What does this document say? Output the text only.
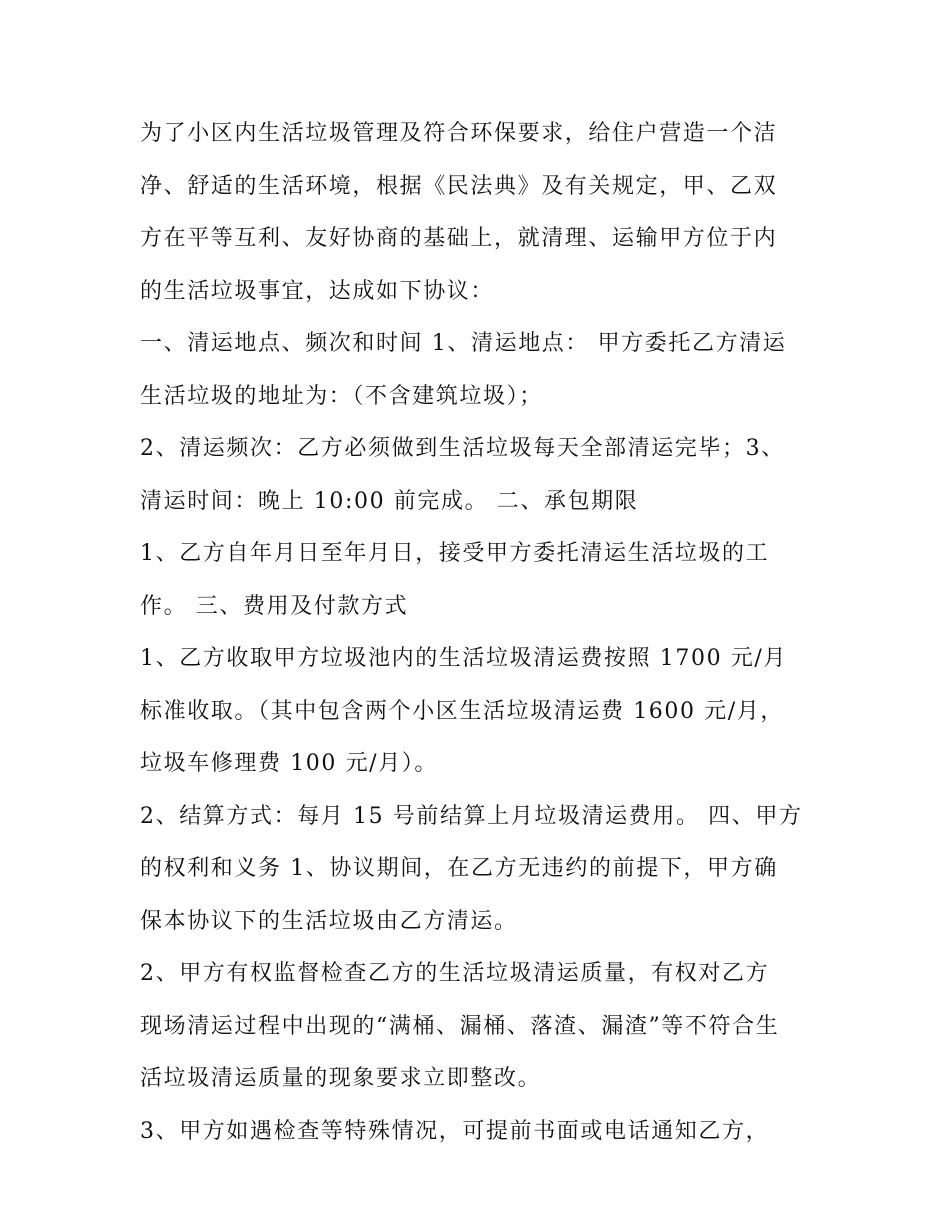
为了小区内生活垃圾管理及符合环保要求，给住户营造一个洁
净、舒适的生活环境，根据《民法典》及有关规定，甲、乙双
方在平等互利、友好协商的基础上，就清理、运输甲方位于内
的生活垃圾事宜，达成如下协议：
一、清运地点、频次和时间 1、清运地点： 甲方委托乙方清运
生活垃圾的地址为：（不含建筑垃圾）；
2、清运频次：乙方必须做到生活垃圾每天全部清运完毕；3、
清运时间：晚上 10:00 前完成。 二、承包期限
1、乙方自年月日至年月日，接受甲方委托清运生活垃圾的工
作。 三、费用及付款方式
1、乙方收取甲方垃圾池内的生活垃圾清运费按照 1700 元/月
标准收取。（其中包含两个小区生活垃圾清运费 1600 元/月，
垃圾车修理费 100 元/月）。
2、结算方式：每月 15 号前结算上月垃圾清运费用。 四、甲方
的权利和义务 1、协议期间，在乙方无违约的前提下，甲方确
保本协议下的生活垃圾由乙方清运。
2、甲方有权监督检查乙方的生活垃圾清运质量，有权对乙方
现场清运过程中出现的“满桶、漏桶、落渣、漏渣”等不符合生
活垃圾清运质量的现象要求立即整改。
3、甲方如遇检查等特殊情况，可提前书面或电话通知乙方，
